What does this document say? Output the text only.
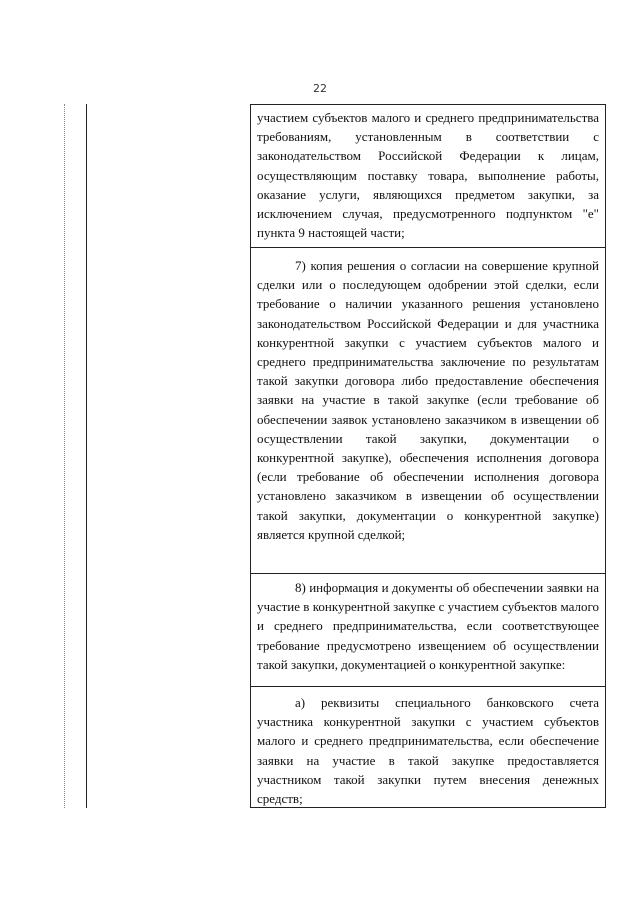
22
участием субъектов малого и среднего предпринимательства требованиям, установленным в соответствии с законодательством Российской Федерации к лицам, осуществляющим поставку товара, выполнение работы, оказание услуги, являющихся предметом закупки, за исключением случая, предусмотренного подпунктом "е" пункта 9 настоящей части;
7) копия решения о согласии на совершение крупной сделки или о последующем одобрении этой сделки, если требование о наличии указанного решения установлено законодательством Российской Федерации и для участника конкурентной закупки с участием субъектов малого и среднего предпринимательства заключение по результатам такой закупки договора либо предоставление обеспечения заявки на участие в такой закупке (если требование об обеспечении заявок установлено заказчиком в извещении об осуществлении такой закупки, документации о конкурентной закупке), обеспечения исполнения договора (если требование об обеспечении исполнения договора установлено заказчиком в извещении об осуществлении такой закупки, документации о конкурентной закупке) является крупной сделкой;
8) информация и документы об обеспечении заявки на участие в конкурентной закупке с участием субъектов малого и среднего предпринимательства, если соответствующее требование предусмотрено извещением об осуществлении такой закупки, документацией о конкурентной закупке:
а) реквизиты специального банковского счета участника конкурентной закупки с участием субъектов малого и среднего предпринимательства, если обеспечение заявки на участие в такой закупке предоставляется участником такой закупки путем внесения денежных средств;
